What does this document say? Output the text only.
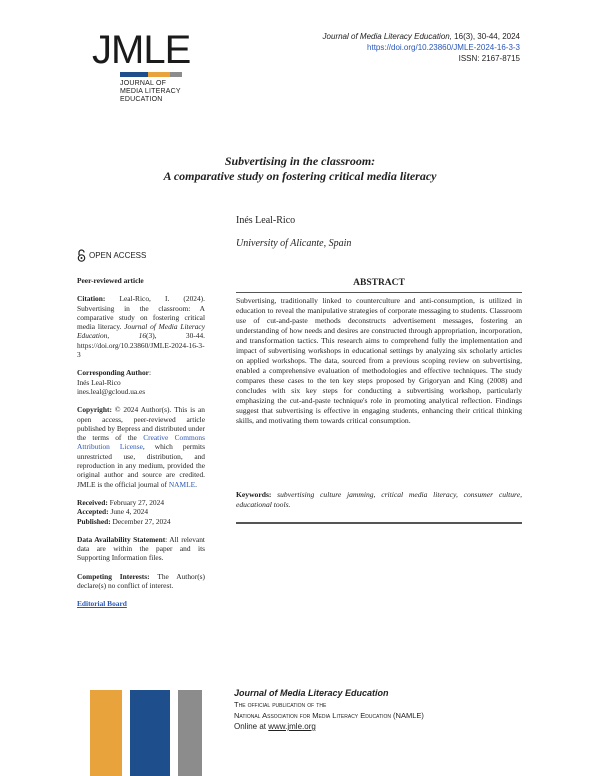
JMLE
JOURNAL OF
MEDIA LITERACY
EDUCATION
Journal of Media Literacy Education, 16(3), 30-44, 2024
https://doi.org/10.23860/JMLE-2024-16-3-3
ISSN: 2167-8715
Subvertising in the classroom:
A comparative study on fostering critical media literacy
Inés Leal-Rico
University of Alicante, Spain
OPEN ACCESS
Peer-reviewed article
Citation: Leal-Rico, I. (2024). Subvertising in the classroom: A comparative study on fostering critical media literacy. Journal of Media Literacy Education, 16(3), 30-44. https://doi.org/10.23860/JMLE-2024-16-3-3
Corresponding Author:
Inés Leal-Rico
ines.leal@gcloud.ua.es
Copyright: © 2024 Author(s). This is an open access, peer-reviewed article published by Bepress and distributed under the terms of the Creative Commons Attribution License, which permits unrestricted use, distribution, and reproduction in any medium, provided the original author and source are credited. JMLE is the official journal of NAMLE.
Received: February 27, 2024
Accepted: June 4, 2024
Published: December 27, 2024
Data Availability Statement: All relevant data are within the paper and its Supporting Information files.
Competing Interests: The Author(s) declare(s) no conflict of interest.
Editorial Board
ABSTRACT
Subvertising, traditionally linked to counterculture and anti-consumption, is utilized in education to reveal the manipulative strategies of corporate messaging to students. Classroom use of cut-and-paste methods deconstructs advertisement messages, fostering an understanding of how needs and desires are constructed through appropriation, incorporation, and transformation tactics. This research aims to comprehend fully the implementation and impact of subvertising workshops in educational settings by analyzing six scholarly articles on applied workshops. The data, sourced from a previous scoping review on subvertising, enabled a comprehensive evaluation of methodologies and effective techniques. The study compares these cases to the ten key steps proposed by Grigoryan and King (2008) and concludes with six key steps for conducting a subvertising workshop, particularly emphasizing the cut-and-paste technique's role in promoting analytical reflection. Findings suggest that subvertising is effective in engaging students, enhancing their critical thinking skills, and motivating them towards critical consumption.
Keywords: subvertising culture jamming, critical media literacy, consumer culture, educational tools.
Journal of Media Literacy Education
The official publication of the
National Association for Media Literacy Education (NAMLE)
Online at www.jmle.org
